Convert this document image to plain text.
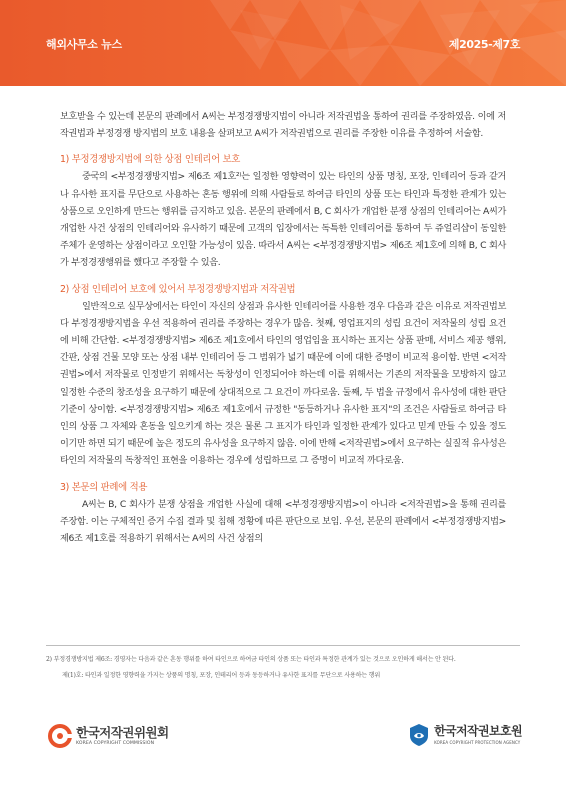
해외사무소 뉴스	제2025-제7호

보호받을 수 있는데 본문의 판례에서 A씨는 부정경쟁방지법이 아니라 저작권법을 통하여 권리를 주장하였음. 이에 저작권법과 부정경쟁 방지법의 보호 내용을 살펴보고 A씨가 저작권법으로 권리를 주장한 이유를 추정하여 서술함.

1) 부정경쟁방지법에 의한 상점 인테리어 보호

중국의 <부정경쟁방지법> 제6조 제1호²⁾는 일정한 영향력이 있는 타인의 상품 명칭, 포장, 인테리어 등과 같거나 유사한 표지를 무단으로 사용하는 혼동 행위에 의해 사람들로 하여금 타인의 상품 또는 타인과 특정한 관계가 있는 상품으로 오인하게 만드는 행위를 금지하고 있음. 본문의 판례에서 B, C 회사가 개업한 분쟁 상점의 인테리어는 A씨가 개업한 사건 상점의 인테리어와 유사하기 때문에 고객의 입장에서는 독특한 인테리어를 통하여 두 쥬얼리샵이 동일한 주체가 운영하는 상점이라고 오인할 가능성이 있음. 따라서 A씨는 <부정경쟁방지법> 제6조 제1호에 의해 B, C 회사가 부정경쟁행위를 했다고 주장할 수 있음.

2) 상점 인테리어 보호에 있어서 부정경쟁방지법과 저작권법

일반적으로 실무상에서는 타인이 자신의 상점과 유사한 인테리어를 사용한 경우 다음과 같은 이유로 저작권법보다 부정경쟁방지법을 우선 적용하여 권리를 주장하는 경우가 많음. 첫째, 영업표지의 성립 요건이 저작물의 성립 요건에 비해 간단함. <부정경쟁방지법> 제6조 제1호에서 타인의 영업임을 표시하는 표지는 상품 판매, 서비스 제공 행위, 간판, 상점 건물 모양 또는 상점 내부 인테리어 등 그 범위가 넓기 때문에 이에 대한 증명이 비교적 용이함. 반면 <저작권법>에서 저작물로 인정받기 위해서는 독창성이 인정되어야 하는데 이를 위해서는 기존의 저작물을 모방하지 않고 일정한 수준의 창조성을 요구하기 때문에 상대적으로 그 요건이 까다로움. 둘째, 두 법을 규정에서 유사성에 대한 판단 기준이 상이함. <부정경쟁방지법> 제6조 제1호에서 규정한 "동등하거나 유사한 표지"의 조건은 사람들로 하여금 타인의 상품 그 자체와 혼동을 일으키게 하는 것은 물론 그 표지가 타인과 일정한 관계가 있다고 믿게 만들 수 있을 정도이기만 하면 되기 때문에 높은 정도의 유사성을 요구하지 않음. 이에 반해 <저작권법>에서 요구하는 실질적 유사성은 타인의 저작물의 독창적인 표현을 이용하는 경우에 성립하므로 그 증명이 비교적 까다로움.

3) 본문의 판례에 적용

A씨는 B, C 회사가 분쟁 상점을 개업한 사실에 대해 <부정경쟁방지법>이 아니라 <저작권법>을 통해 권리를 주장함. 이는 구체적인 증거 수집 결과 및 침해 정황에 따른 판단으로 보임. 우선, 본문의 판례에서 <부정경쟁방지법> 제6조 제1호를 적용하기 위해서는 A씨의 사건 상점의

2) 부정경쟁방지법 제6조: 경영자는 다음과 같은 혼동 행위를 하여 타인으로 하여금 타인의 상품 또는 타인과 특정한 관계가 있는 것으로 오인하게 해서는 안 된다.

제(1)호: 타인과 일정한 영향력을 가지는 상품의 명칭, 포장, 인테리어 등과 동등하거나 유사한 표지를 무단으로 사용하는 행위

한국저작권위원회
KOREA COPYRIGHT COMMISSION
한국저작권보호원
KOREA COPYRIGHT PROTECTION AGENCY
